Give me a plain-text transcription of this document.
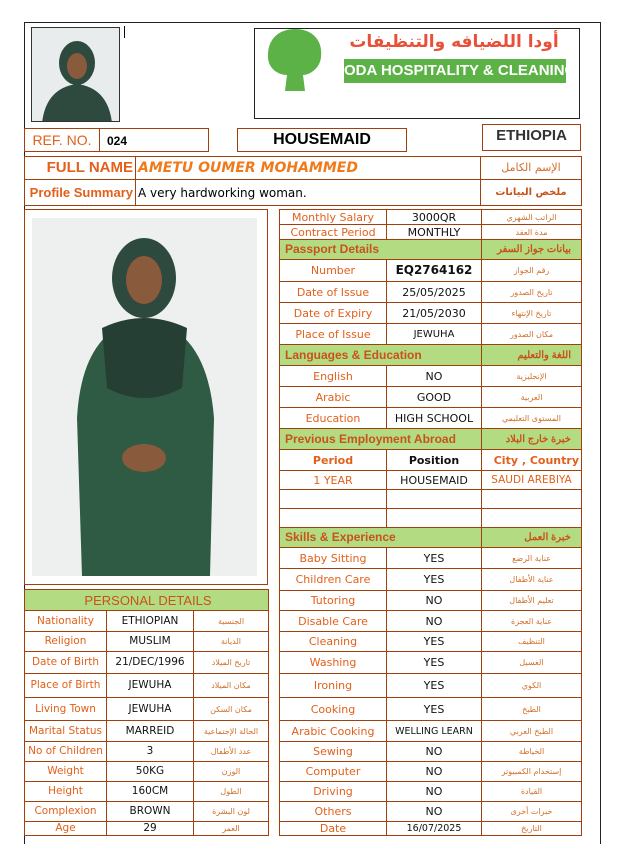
أودا اللضيافه والتنظيفات
ODA HOSPITALITY & CLEANING
REF. NO.	024	HOUSEMAID	ETHIOPIA
FULL NAME	AMETU OUMER MOHAMMED	الإسم الكامل
Profile Summary	A very hardworking woman.	ملخص البيانات
Monthly Salary	3000QR	الراتب الشهري
Contract Period	MONTHLY	مدة العقد
Passport Details		بيانات جواز السفر
Number	EQ2764162	رقم الجواز
Date of Issue	25/05/2025	تاريخ الصدور
Date of Expiry	21/05/2030	تاريخ الإنتهاء
Place of Issue	JEWUHA	مكان الصدور
Languages & Education		اللغة والتعليم
English	NO	الإنجليزية
Arabic	GOOD	العربية
Education	HIGH SCHOOL	المستوى التعليمي
Previous Employment Abroad		خبرة خارج البلاد
Period	Position	City , Country
1 YEAR	HOUSEMAID	SAUDI AREBIYA

Skills & Experience		خبرة العمل
Baby Sitting	YES	عناية الرضع
Children Care	YES	عناية الأطفال
Tutoring	NO	تعليم الأطفال
Disable Care	NO	عناية العجزة
Cleaning	YES	التنظيف
Washing	YES	الغسيل
Ironing	YES	الكوي
Cooking	YES	الطبخ
Arabic Cooking	WELLING LEARN	الطبخ العربي
Sewing	NO	الخياطة
Computer	NO	إستخدام الكمبيوتر
Driving	NO	القيادة
Others	NO	خبرات أخرى
Date	16/07/2025	التاريخ
PERSONAL DETAILS		
Nationality	ETHIOPIAN	الجنسية
Religion	MUSLIM	الديانة
Date of Birth	21/DEC/1996	تاريخ الميلاد
Place of Birth	JEWUHA	مكان الميلاد
Living Town	JEWUHA	مكان السكن
Marital Status	MARREID	الحالة الإجتماعية
No of Children	3	عدد الأطفال
Weight	50KG	الوزن
Height	160CM	الطول
Complexion	BROWN	لون البشرة
Age	29	العمر
